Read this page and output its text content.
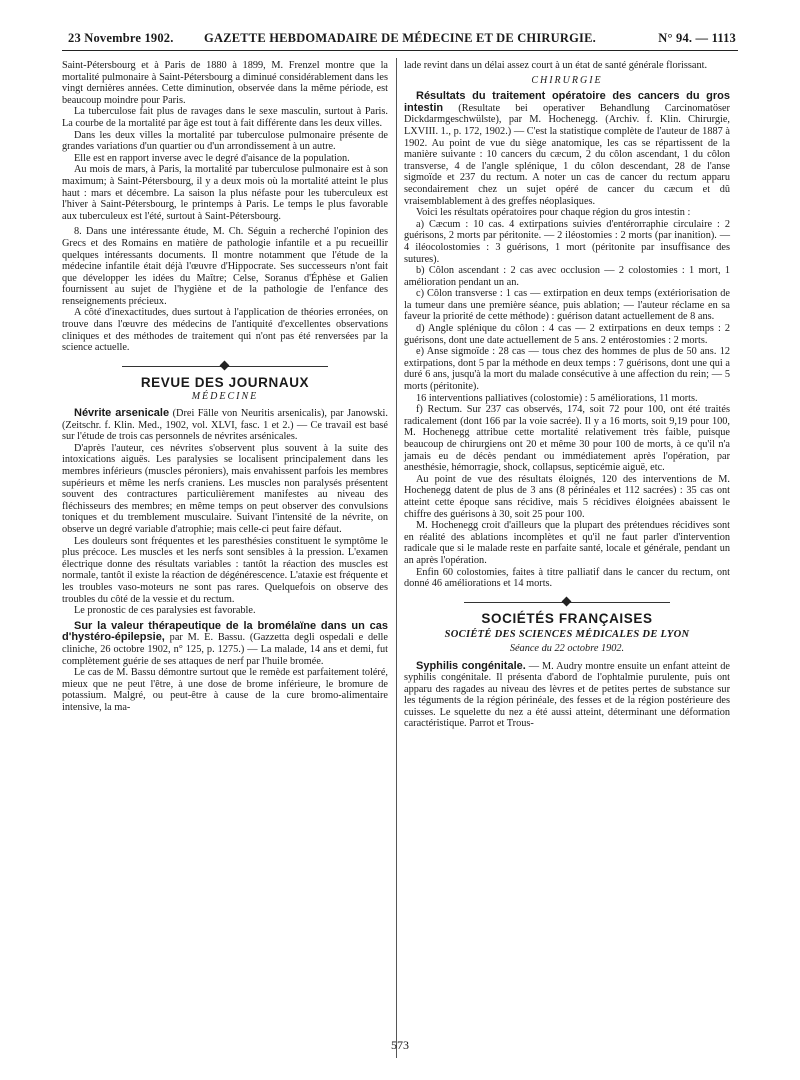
23 Novembre 1902.	GAZETTE HEBDOMADAIRE DE MÉDECINE ET DE CHIRURGIE.	N° 94. — 1113

Saint-Pétersbourg et à Paris de 1880 à 1899, M. Frenzel montre que la mortalité pulmonaire à Saint-Pétersbourg a diminué considérablement dans les vingt dernières années. Cette diminution, observée dans la même période, est beaucoup moindre pour Paris.

La tuberculose fait plus de ravages dans le sexe masculin, surtout à Paris. La courbe de la mortalité par âge est tout à fait différente dans les deux villes.

Dans les deux villes la mortalité par tuberculose pulmonaire présente de grandes variations d'un quartier ou d'un arrondissement à un autre.

Elle est en rapport inverse avec le degré d'aisance de la population.

Au mois de mars, à Paris, la mortalité par tuberculose pulmonaire est à son maximum; à Saint-Pétersbourg, il y a deux mois où la mortalité atteint le plus haut : mars et décembre. La saison la plus néfaste pour les tuberculeux est l'hiver à Saint-Pétersbourg, le printemps à Paris. Le temps le plus favorable aux tuberculeux est l'été, surtout à Saint-Pétersbourg.

8. Dans une intéressante étude, M. Ch. Séguin a recherché l'opinion des Grecs et des Romains en matière de pathologie infantile et a pu recueillir quelques intéressants documents. Il montre notamment que l'étude de la médecine infantile était déjà l'œuvre d'Hippocrate. Ses successeurs n'ont fait que développer les idées du Maître; Celse, Soranus d'Éphèse et Galien fournissent au sujet de l'hygiène et de la pathologie de l'enfance des renseignements précieux.

A côté d'inexactitudes, dues surtout à l'application de théories erronées, on trouve dans l'œuvre des médecins de l'antiquité d'excellentes observations cliniques et des méthodes de traitement qui n'ont pas été renversées par la science actuelle.

REVUE DES JOURNAUX
MÉDECINE

Névrite arsenicale (Drei Fälle von Neuritis arsenicalis), par Janowski. (Zeitschr. f. Klin. Med., 1902, vol. XLVI, fasc. 1 et 2.) — Ce travail est basé sur l'étude de trois cas personnels de névrites arsénicales.

D'après l'auteur, ces névrites s'observent plus souvent à la suite des intoxications aiguës. Les paralysies se localisent principalement dans les membres inférieurs (muscles péroniers), mais envahissent parfois les membres supérieurs et même les nerfs craniens. Les muscles non paralysés présentent souvent des contractures particulièrement manifestes au niveau des fléchisseurs des membres; en même temps on peut observer des convulsions toniques et du tremblement musculaire. Suivant l'intensité de la névrite, on observe un degré variable d'atrophie; mais celle-ci peut faire défaut.

Les douleurs sont fréquentes et les paresthésies constituent le symptôme le plus précoce. Les muscles et les nerfs sont sensibles à la pression. L'examen électrique donne des résultats variables : tantôt la réaction des muscles est normale, tantôt il existe la réaction de dégénérescence. L'ataxie est fréquente et les troubles vaso-moteurs ne sont pas rares. Quelquefois on observe des troubles du côté de la vessie et du rectum.

Le pronostic de ces paralysies est favorable.

Sur la valeur thérapeutique de la bromélaïne dans un cas d'hystéro-épilepsie, par M. E. Bassu. (Gazzetta degli ospedali e delle cliniche, 26 octobre 1902, n° 125, p. 1275.) — La malade, 14 ans et demi, fut complètement guérie de ses attaques de nerf par l'huile bromée.

Le cas de M. Bassu démontre surtout que le remède est parfaitement toléré, mieux que ne peut l'être, à une dose de brome inférieure, le bromure de potassium. Malgré, ou peut-être à cause de la cure bromo-alimentaire intensive, la ma-

lade revint dans un délai assez court à un état de santé générale florissant.

CHIRURGIE

Résultats du traitement opératoire des cancers du gros intestin (Resultate bei operativer Behandlung Carcinomatöser Dickdarmgeschwülste), par M. Hochenegg. (Archiv. f. Klin. Chirurgie, LXVIII. 1., p. 172, 1902.) — C'est la statistique complète de l'auteur de 1887 à 1902. Au point de vue du siège anatomique, les cas se répartissent de la manière suivante : 10 cancers du cæcum, 2 du côlon ascendant, 1 du côlon transverse, 4 de l'angle splénique, 1 du côlon descendant, 28 de l'anse sigmoïde et 237 du rectum. A noter un cas de cancer du rectum apparu secondairement chez un sujet opéré de cancer du cæcum et dû vraisemblablement à des greffes néoplasiques.

Voici les résultats opératoires pour chaque région du gros intestin :

a) Cæcum : 10 cas. 4 extirpations suivies d'entérorraphie circulaire : 2 guérisons, 2 morts par péritonite. — 2 iléostomies : 2 morts (par inanition). — 4 iléocolostomies : 3 guérisons, 1 mort (péritonite par insuffisance des sutures).

b) Côlon ascendant : 2 cas avec occlusion — 2 colostomies : 1 mort, 1 amélioration pendant un an.

c) Côlon transverse : 1 cas — extirpation en deux temps (extériorisation de la tumeur dans une première séance, puis ablation; — l'auteur réclame en sa faveur la priorité de cette méthode) : guérison datant actuellement de 8 ans.

d) Angle splénique du côlon : 4 cas — 2 extirpations en deux temps : 2 guérisons, dont une date actuellement de 5 ans. 2 entérostomies : 2 morts.

e) Anse sigmoïde : 28 cas — tous chez des hommes de plus de 50 ans. 12 extirpations, dont 5 par la méthode en deux temps : 7 guérisons, dont une qui a duré 6 ans, jusqu'à la mort du malade consécutive à une affection du rein; — 5 morts (péritonite).

16 interventions palliatives (colostomie) : 5 améliorations, 11 morts.

f) Rectum. Sur 237 cas observés, 174, soit 72 pour 100, ont été traités radicalement (dont 166 par la voie sacrée). Il y a 16 morts, soit 9,19 pour 100, M. Hochenegg attribue cette mortalité relativement très faible, puisque beaucoup de chirurgiens ont 20 et même 30 pour 100 de morts, à ce qu'il n'a jamais eu de décès pendant ou immédiatement après l'opération, par anesthésie, hémorragie, shock, collapsus, septicémie aiguë, etc.

Au point de vue des résultats éloignés, 120 des interventions de M. Hochenegg datent de plus de 3 ans (8 périnéales et 112 sacrées) : 35 cas ont atteint cette époque sans récidive, mais 5 récidives éloignées abaissent le chiffre des guérisons à 30, soit 25 pour 100.

M. Hochenegg croit d'ailleurs que la plupart des prétendues récidives sont en réalité des ablations incomplètes et qu'il ne faut parler d'intervention radicale que si le malade reste en parfaite santé, locale et générale, pendant un an après l'opération.

Enfin 60 colostomies, faites à titre palliatif dans le cancer du rectum, ont donné 46 améliorations et 14 morts.

SOCIÉTÉS FRANÇAISES
SOCIÉTÉ DES SCIENCES MÉDICALES DE LYON
Séance du 22 octobre 1902.

Syphilis congénitale. — M. Audry montre ensuite un enfant atteint de syphilis congénitale. Il présenta d'abord de l'ophtalmie purulente, puis ont apparu des ragades au niveau des lèvres et de petites pertes de substance sur les téguments de la région périnéale, des fesses et de la région postérieure des cuisses. Le squelette du nez a été aussi atteint, déterminant une déformation caractéristique. Parrot et Trous-

573
